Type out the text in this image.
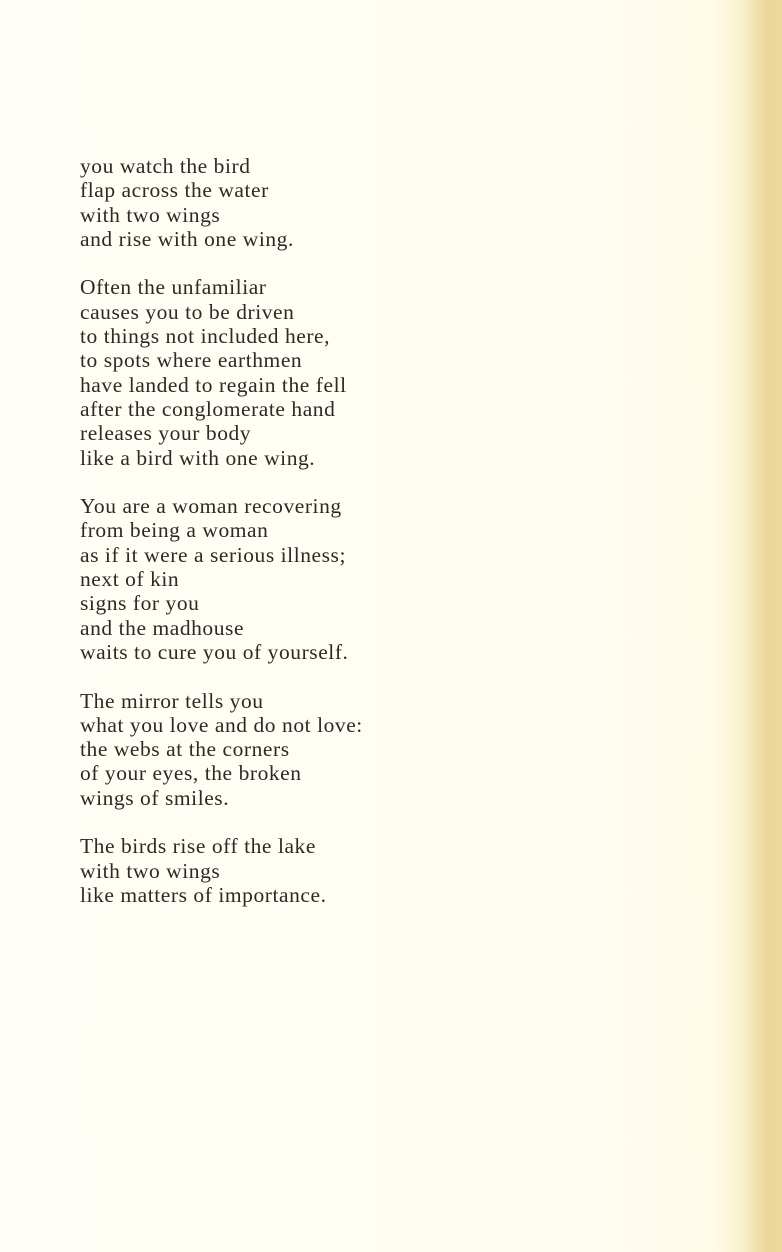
you watch the bird
flap across the water
with two wings
and rise with one wing.
Often the unfamiliar
causes you to be driven
to things not included here,
to spots where earthmen
have landed to regain the fell
after the conglomerate hand
releases your body
like a bird with one wing.
You are a woman recovering
from being a woman
as if it were a serious illness;
next of kin
signs for you
and the madhouse
waits to cure you of yourself.
The mirror tells you
what you love and do not love:
the webs at the corners
of your eyes, the broken
wings of smiles.
The birds rise off the lake
with two wings
like matters of importance.
